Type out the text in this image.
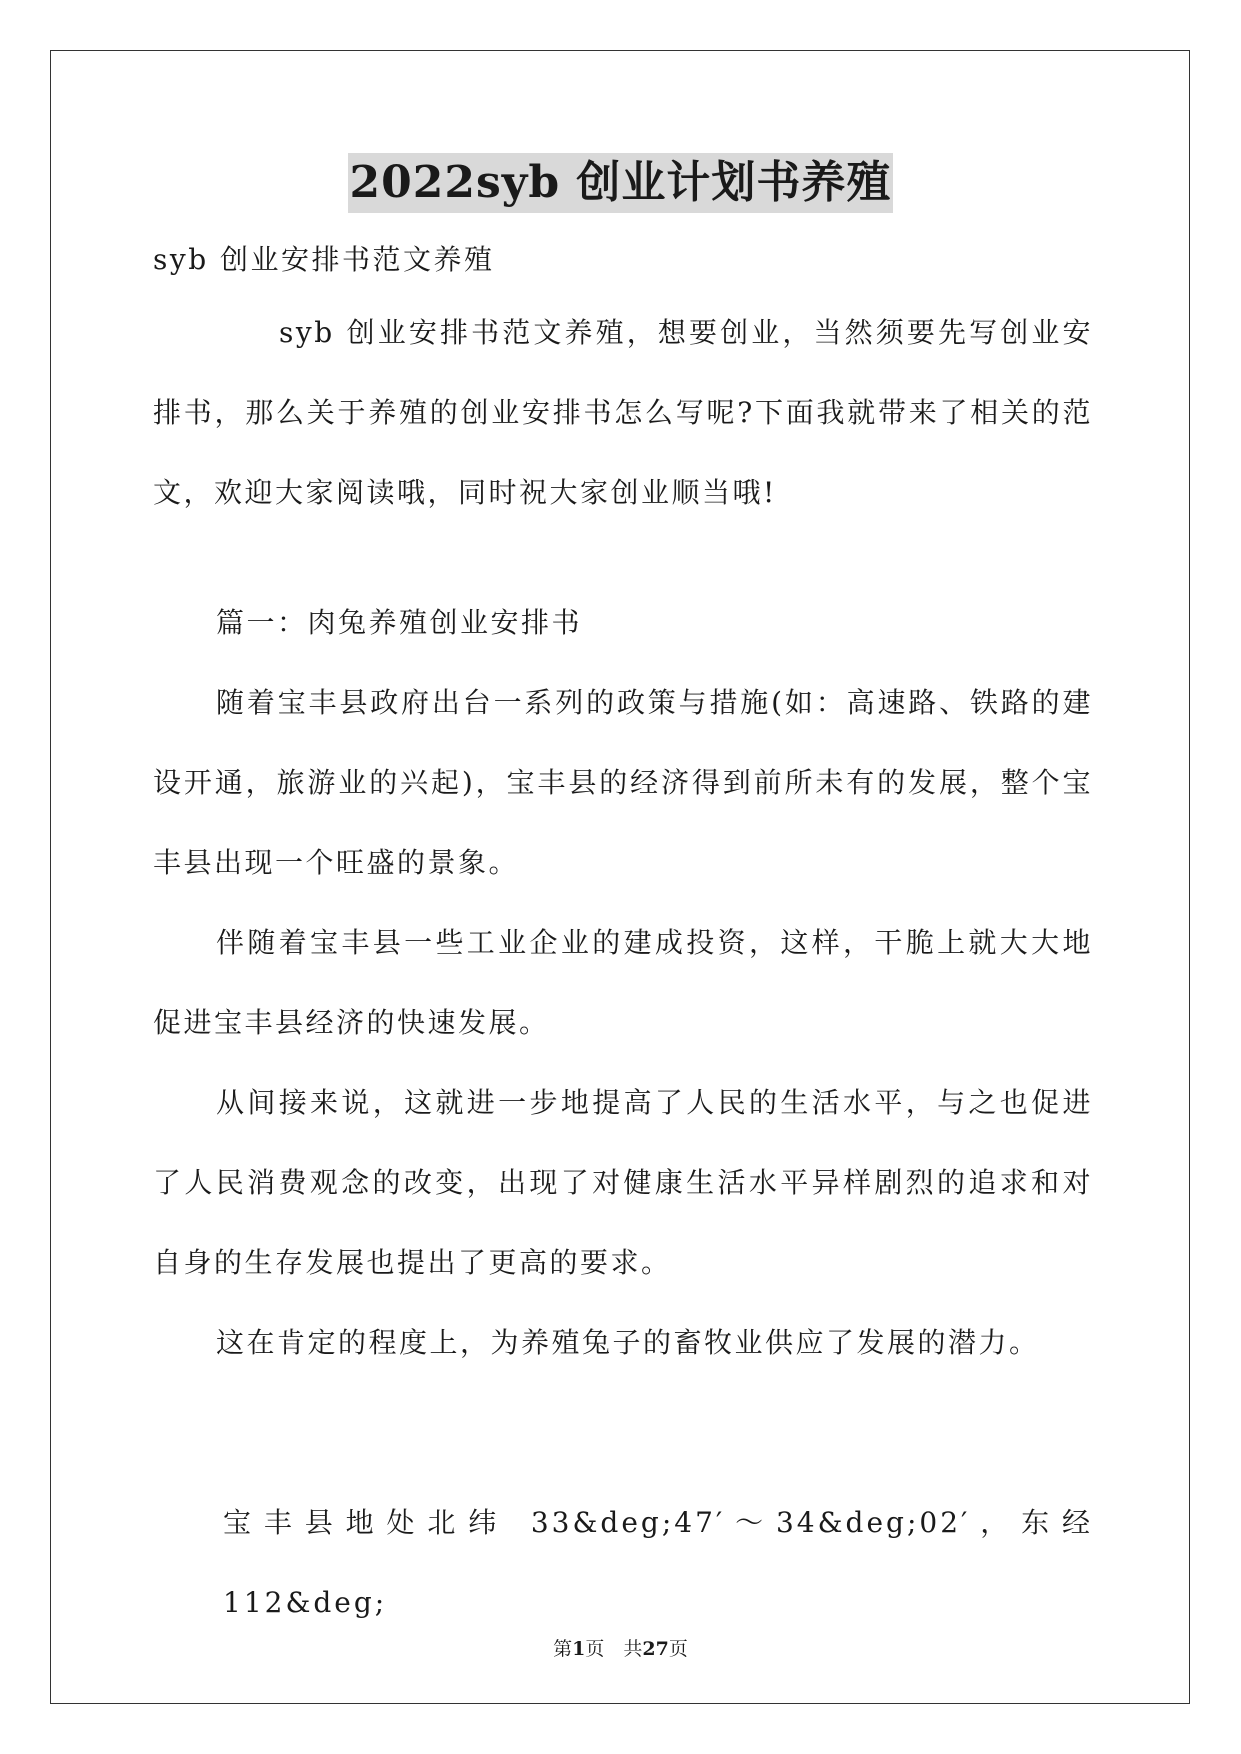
2022syb 创业计划书养殖
syb 创业安排书范文养殖

syb 创业安排书范文养殖，想要创业，当然须要先写创业安排书，那么关于养殖的创业安排书怎么写呢?下面我就带来了相关的范文，欢迎大家阅读哦，同时祝大家创业顺当哦!

篇一：肉兔养殖创业安排书

随着宝丰县政府出台一系列的政策与措施(如：高速路、铁路的建设开通，旅游业的兴起)，宝丰县的经济得到前所未有的发展，整个宝丰县出现一个旺盛的景象。

伴随着宝丰县一些工业企业的建成投资，这样，干脆上就大大地促进宝丰县经济的快速发展。

从间接来说，这就进一步地提高了人民的生活水平，与之也促进了人民消费观念的改变，出现了对健康生活水平异样剧烈的追求和对自身的生存发展也提出了更高的要求。

这在肯定的程度上，为养殖兔子的畜牧业供应了发展的潜力。

宝丰县地处北纬 33&deg;47′～34&deg;02′，东经 112&deg;
第1页　共27页
